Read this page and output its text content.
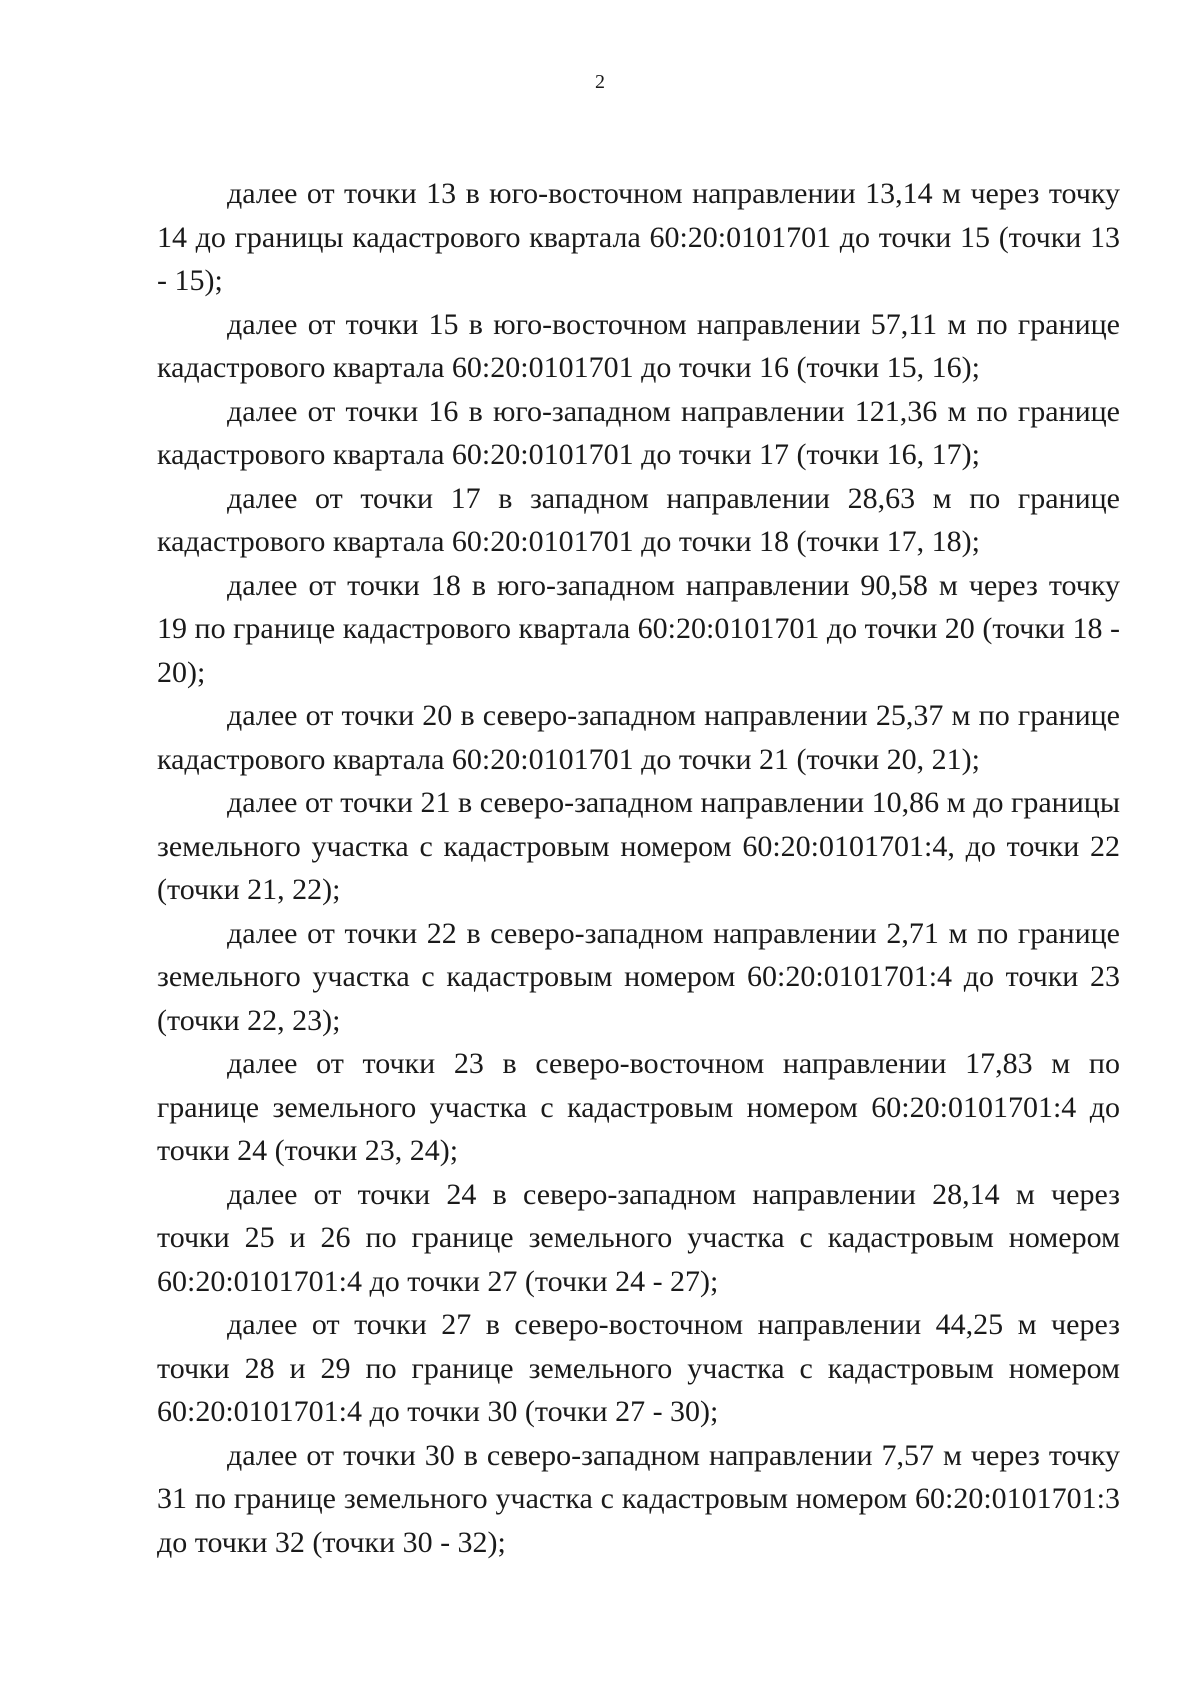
2

далее от точки 13 в юго-восточном направлении 13,14 м через точку 14 до границы кадастрового квартала 60:20:0101701 до точки 15 (точки 13 - 15);

далее от точки 15 в юго-восточном направлении 57,11 м по границе кадастрового квартала 60:20:0101701 до точки 16 (точки 15, 16);

далее от точки 16 в юго-западном направлении 121,36 м по границе кадастрового квартала 60:20:0101701 до точки 17 (точки 16, 17);

далее от точки 17 в западном направлении 28,63 м по границе кадастрового квартала 60:20:0101701 до точки 18 (точки 17, 18);

далее от точки 18 в юго-западном направлении 90,58 м через точку 19 по границе кадастрового квартала 60:20:0101701 до точки 20 (точки 18 - 20);

далее от точки 20 в северо-западном направлении 25,37 м по границе кадастрового квартала 60:20:0101701 до точки 21 (точки 20, 21);

далее от точки 21 в северо-западном направлении 10,86 м до границы земельного участка с кадастровым номером 60:20:0101701:4, до точки 22 (точки 21, 22);

далее от точки 22 в северо-западном направлении 2,71 м по границе земельного участка с кадастровым номером 60:20:0101701:4 до точки 23 (точки 22, 23);

далее от точки 23 в северо-восточном направлении 17,83 м по границе земельного участка с кадастровым номером 60:20:0101701:4 до точки 24 (точки 23, 24);

далее от точки 24 в северо-западном направлении 28,14 м через точки 25 и 26 по границе земельного участка с кадастровым номером 60:20:0101701:4 до точки 27 (точки 24 - 27);

далее от точки 27 в северо-восточном направлении 44,25 м через точки 28 и 29 по границе земельного участка с кадастровым номером 60:20:0101701:4 до точки 30 (точки 27 - 30);

далее от точки 30 в северо-западном направлении 7,57 м через точку 31 по границе земельного участка с кадастровым номером 60:20:0101701:3 до точки 32 (точки 30 - 32);
